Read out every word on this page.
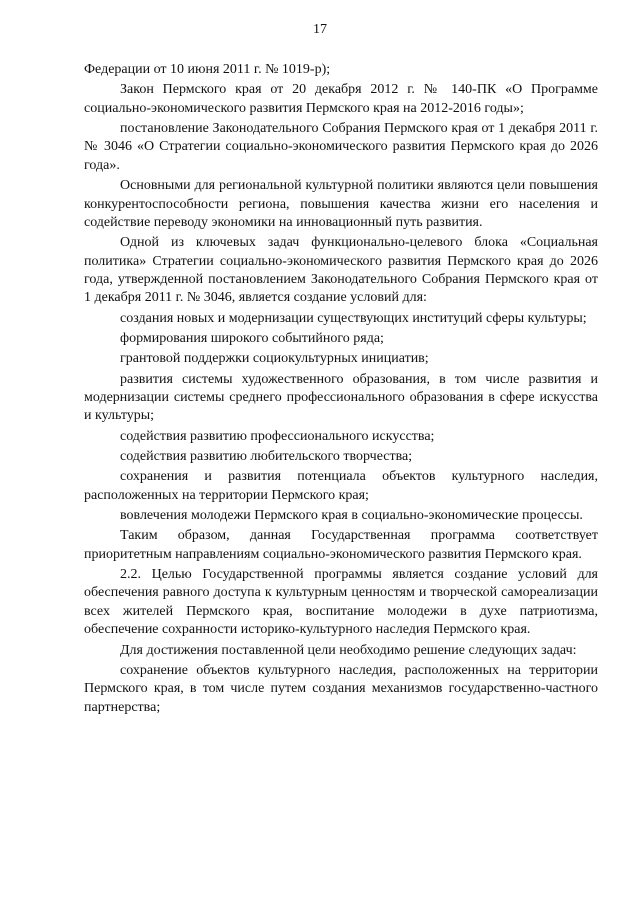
17

Федерации от 10 июня 2011 г. № 1019-р);

Закон Пермского края от 20 декабря 2012 г. № 140-ПК «О Программе социально-экономического развития Пермского края на 2012-2016 годы»;

постановление Законодательного Собрания Пермского края от 1 декабря 2011 г. № 3046 «О Стратегии социально-экономического развития Пермского края до 2026 года».

Основными для региональной культурной политики являются цели повышения конкурентоспособности региона, повышения качества жизни его населения и содействие переводу экономики на инновационный путь развития.

Одной из ключевых задач функционально-целевого блока «Социальная политика» Стратегии социально-экономического развития Пермского края до 2026 года, утвержденной постановлением Законодательного Собрания Пермского края от 1 декабря 2011 г. № 3046, является создание условий для:

создания новых и модернизации существующих институций сферы культуры;

формирования широкого событийного ряда;

грантовой поддержки социокультурных инициатив;

развития системы художественного образования, в том числе развития и модернизации системы среднего профессионального образования в сфере искусства и культуры;

содействия развитию профессионального искусства;

содействия развитию любительского творчества;

сохранения и развития потенциала объектов культурного наследия, расположенных на территории Пермского края;

вовлечения молодежи Пермского края в социально-экономические процессы.

Таким образом, данная Государственная программа соответствует приоритетным направлениям социально-экономического развития Пермского края.

2.2. Целью Государственной программы является создание условий для обеспечения равного доступа к культурным ценностям и творческой самореализации всех жителей Пермского края, воспитание молодежи в духе патриотизма, обеспечение сохранности историко-культурного наследия Пермского края.

Для достижения поставленной цели необходимо решение следующих задач:

сохранение объектов культурного наследия, расположенных на территории Пермского края, в том числе путем создания механизмов государственно-частного партнерства;
